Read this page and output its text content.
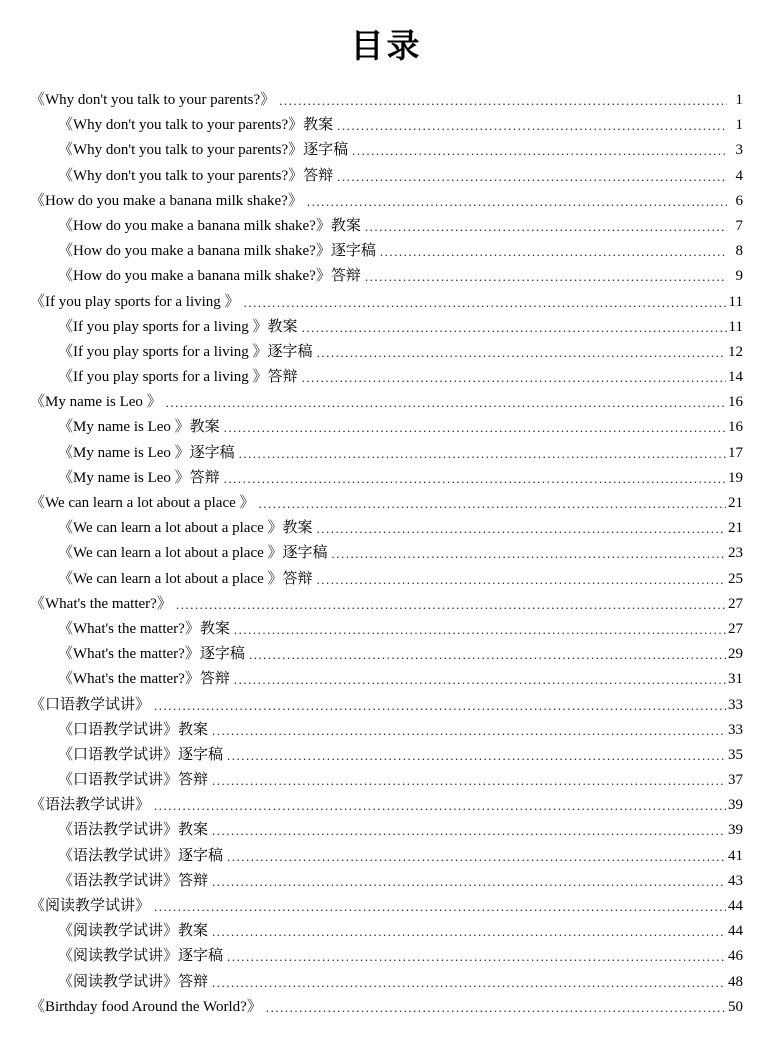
目录
《Why don't you talk to your parents?》 .....	1
《Why don't you talk to your parents?》教案 .....	1
《Why don't you talk to your parents?》逐字稿 .....	3
《Why don't you talk to your parents?》答辩 .....	4
《How do you make a banana milk shake?》 .....	6
《How do you make a banana milk shake?》教案 .....	7
《How do you make a banana milk shake?》逐字稿 .....	8
《How do you make a banana milk shake?》答辩 .....	9
《If you play sports for a living 》 .....	11
《If you play sports for a living 》教案 .....	11
《If you play sports for a living 》逐字稿 .....	12
《If you play sports for a living 》答辩 .....	14
《My name is Leo 》 .....	16
《My name is Leo 》教案 .....	16
《My name is Leo 》逐字稿 .....	17
《My name is Leo 》答辩 .....	19
《We can learn a lot about a place 》 .....	21
《We can learn a lot about a place 》教案 .....	21
《We can learn a lot about a place 》逐字稿 .....	23
《We can learn a lot about a place 》答辩 .....	25
《What's the matter?》 .....	27
《What's the matter?》教案 .....	27
《What's the matter?》逐字稿 .....	29
《What's the matter?》答辩 .....	31
《口语教学试讲》 .....	33
《口语教学试讲》教案 .....	33
《口语教学试讲》逐字稿 .....	35
《口语教学试讲》答辩 .....	37
《语法教学试讲》 .....	39
《语法教学试讲》教案 .....	39
《语法教学试讲》逐字稿 .....	41
《语法教学试讲》答辩 .....	43
《阅读教学试讲》 .....	44
《阅读教学试讲》教案 .....	44
《阅读教学试讲》逐字稿 .....	46
《阅读教学试讲》答辩 .....	48
《Birthday food Around the World?》 .....	50
